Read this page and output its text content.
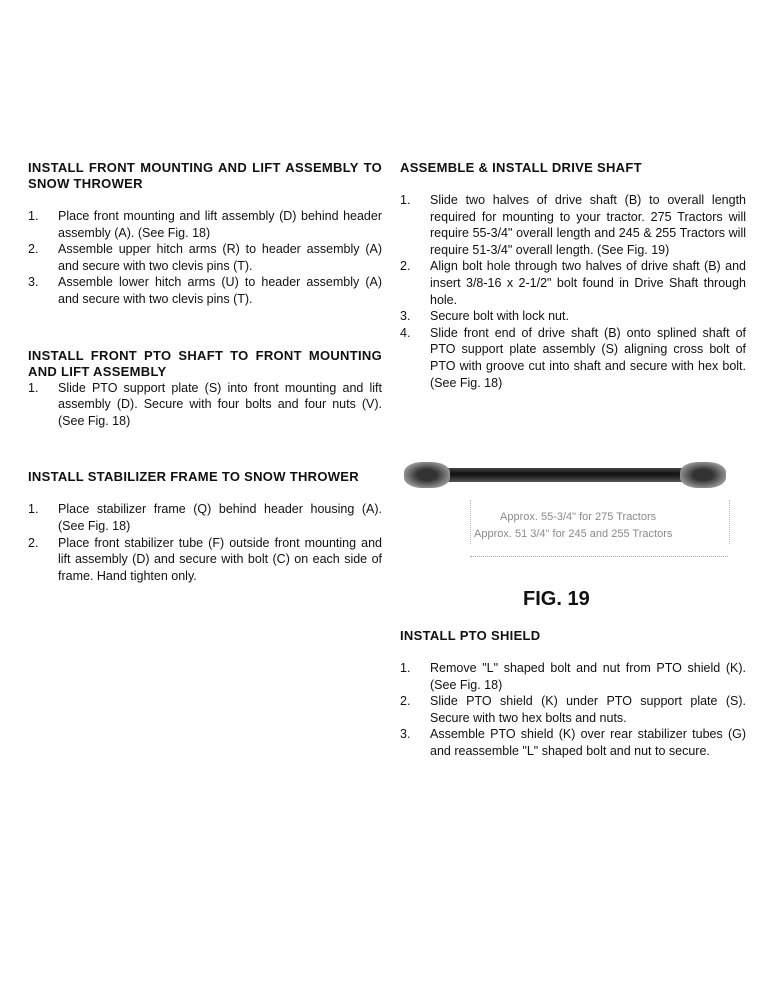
INSTALL FRONT MOUNTING AND LIFT ASSEMBLY TO SNOW THROWER

1. Place front mounting and lift assembly (D) behind header assembly (A). (See Fig. 18)
2. Assemble upper hitch arms (R) to header assembly (A) and secure with two clevis pins (T).
3. Assemble lower hitch arms (U) to header assembly (A) and secure with two clevis pins (T).

INSTALL FRONT PTO SHAFT TO FRONT MOUNTING AND LIFT ASSEMBLY

1. Slide PTO support plate (S) into front mounting and lift assembly (D). Secure with four bolts and four nuts (V). (See Fig. 18)

INSTALL STABILIZER FRAME TO SNOW THROWER

1. Place stabilizer frame (Q) behind header housing (A). (See Fig. 18)
2. Place front stabilizer tube (F) outside front mounting and lift assembly (D) and secure with bolt (C) on each side of frame. Hand tighten only.

ASSEMBLE & INSTALL DRIVE SHAFT

1. Slide two halves of drive shaft (B) to overall length required for mounting to your tractor. 275 Tractors will require 55-3/4" overall length and 245 & 255 Tractors will require 51-3/4" overall length. (See Fig. 19)
2. Align bolt hole through two halves of drive shaft (B) and insert 3/8-16 x 2-1/2" bolt found in Drive Shaft through hole.
3. Secure bolt with lock nut.
4. Slide front end of drive shaft (B) onto splined shaft of PTO support plate assembly (S) aligning cross bolt of PTO with groove cut into shaft and secure with hex bolt. (See Fig. 18)
Approx. 55-3/4" for 275 Tractors
Approx. 51 3/4" for 245 and 255 Tractors
FIG. 19

INSTALL PTO SHIELD

1. Remove "L" shaped bolt and nut from PTO shield (K). (See Fig. 18)
2. Slide PTO shield (K) under PTO support plate (S). Secure with two hex bolts and nuts.
3. Assemble PTO shield (K) over rear stabilizer tubes (G) and reassemble "L" shaped bolt and nut to secure.
